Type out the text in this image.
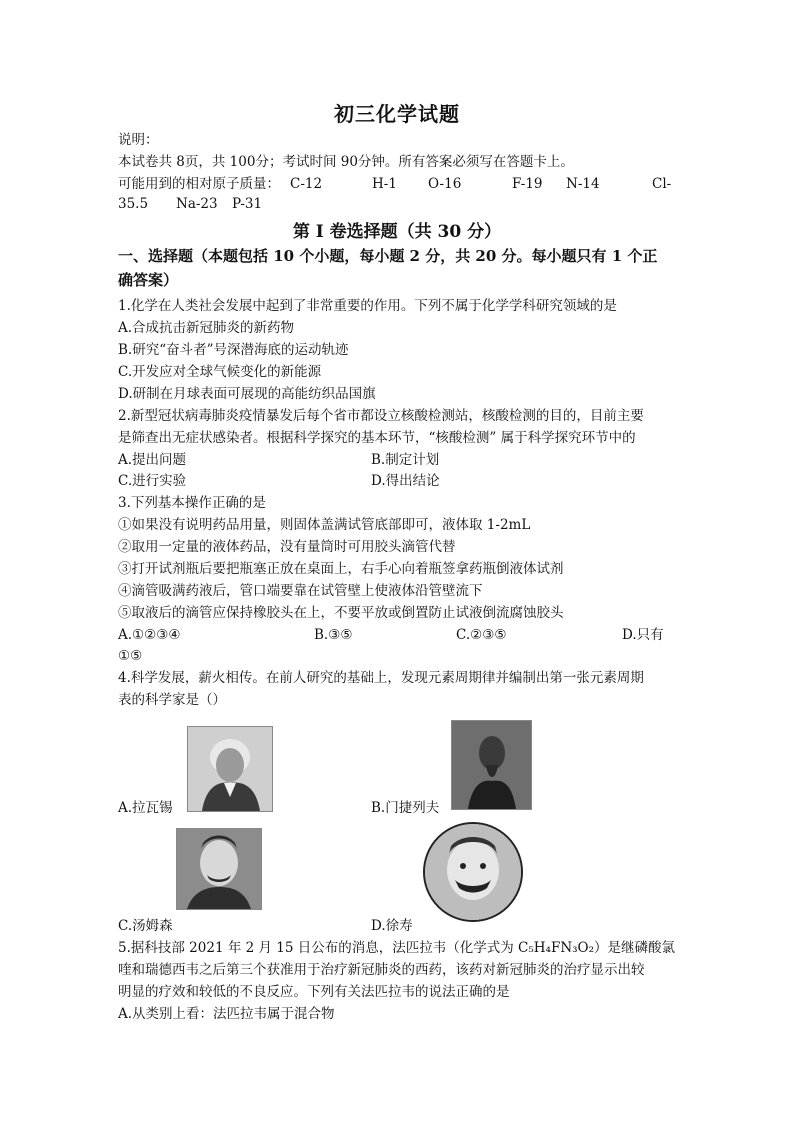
初三化学试题
说明：
本试卷共 8页，共 100分；考试时间 90分钟。所有答案必须写在答题卡上。
可能用到的相对原子质量： C-12	H-1 O-16	F-19 N-14	Cl-
35.5 Na-23 P-31
第 I 卷选择题（共 30 分）
一、选择题（本题包括 10 个小题，每小题 2 分，共 20 分。每小题只有 1 个正
确答案）
1.化学在人类社会发展中起到了非常重要的作用。下列不属于化学学科研究领域的是
A.合成抗击新冠肺炎的新药物
B.研究“奋斗者”号深潜海底的运动轨迹
C.开发应对全球气候变化的新能源
D.研制在月球表面可展现的高能纺织品国旗
2.新型冠状病毒肺炎疫情暴发后每个省市都设立核酸检测站，核酸检测的目的，目前主要
是筛查出无症状感染者。根据科学探究的基本环节，“核酸检测” 属于科学探究环节中的
A.提出问题	B.制定计划
C.进行实验	D.得出结论
3.下列基本操作正确的是
①如果没有说明药品用量，则固体盖满试管底部即可，液体取 1-2mL
②取用一定量的液体药品，没有量筒时可用胶头滴管代替
③打开试剂瓶后要把瓶塞正放在桌面上，右手心向着瓶签拿药瓶倒液体试剂
④滴管吸满药液后，管口端要靠在试管壁上使液体沿管壁流下
⑤取液后的滴管应保持橡胶头在上，不要平放或倒置防止试液倒流腐蚀胶头
A.①②③④	B.③⑤	C.②③⑤	D.只有
①⑤
4.科学发展，薪火相传。在前人研究的基础上，发现元素周期律并编制出第一张元素周期
表的科学家是（）
A.拉瓦锡	B.门捷列夫
C.汤姆森	D.徐寿
5.据科技部 2021 年 2 月 15 日公布的消息，法匹拉韦（化学式为 C₅H₄FN₃O₂）是继磷酸氯
喹和瑞德西韦之后第三个获准用于治疗新冠肺炎的西药，该药对新冠肺炎的治疗显示出较
明显的疗效和较低的不良反应。下列有关法匹拉韦的说法正确的是
A.从类别上看：法匹拉韦属于混合物
